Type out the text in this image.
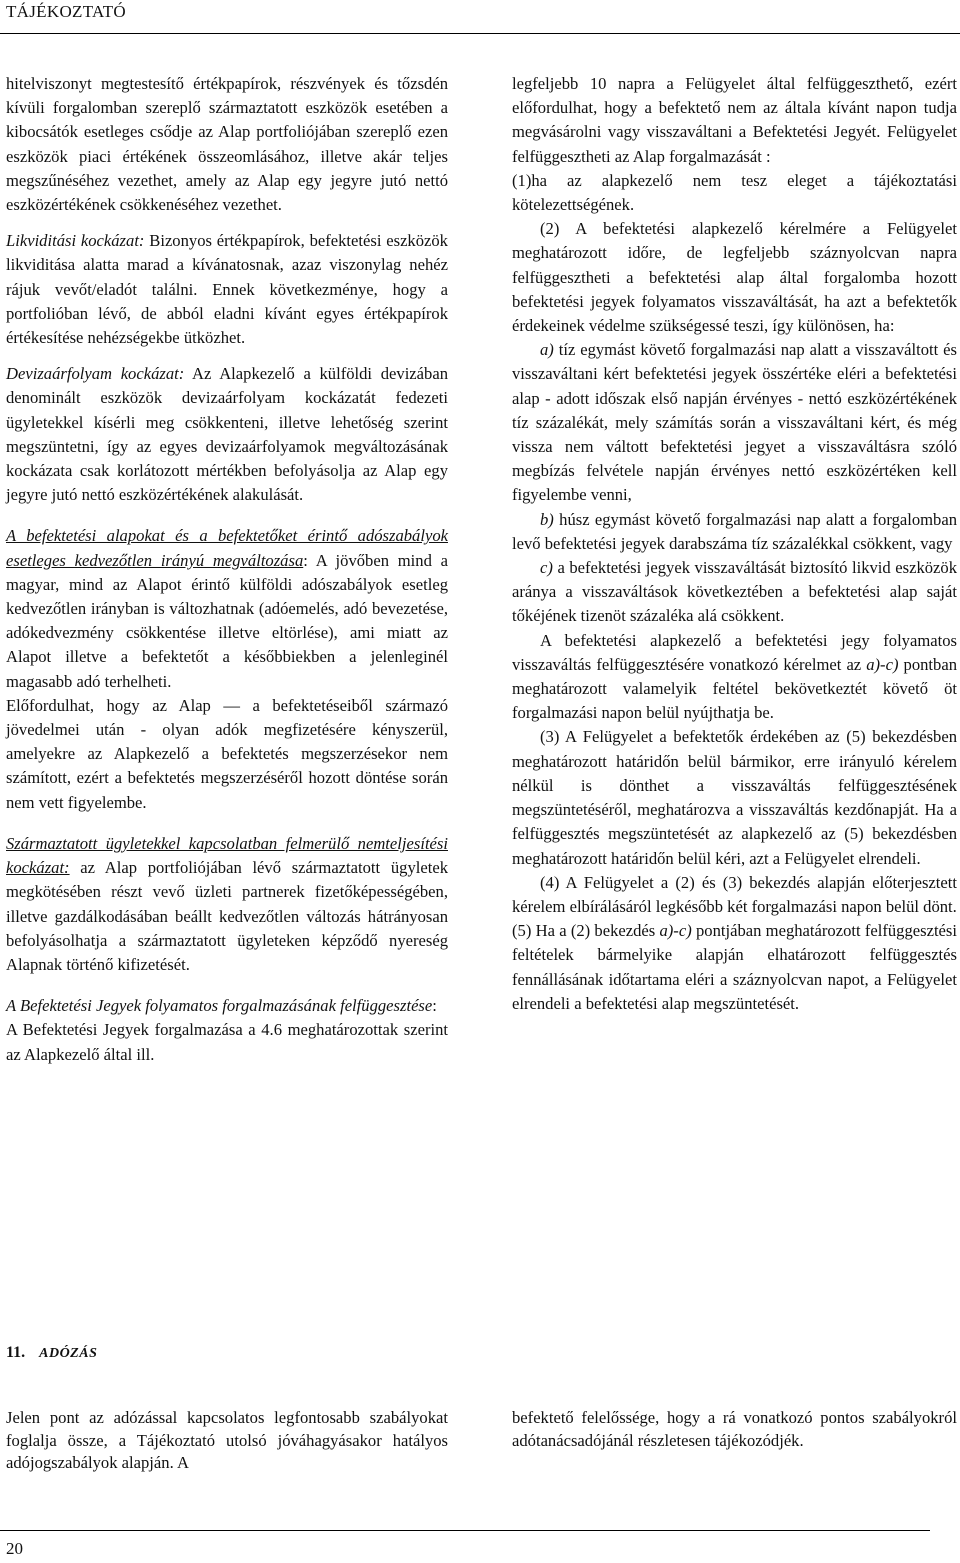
TÁJÉKOZTATÓ

hitelviszonyt megtestesítő értékpapírok, részvények és tőzsdén kívüli forgalomban szereplő származtatott eszközök esetében a kibocsátók esetleges csődje az Alap portfoliójában szereplő ezen eszközök piaci értékének összeomlásához, illetve akár teljes megszűnéséhez vezethet, amely az Alap egy jegyre jutó nettó eszközértékének csökkenéséhez vezethet.

Likviditási kockázat: Bizonyos értékpapírok, befektetési eszközök likviditása alatta marad a kívánatosnak, azaz viszonylag nehéz rájuk vevőt/eladót találni. Ennek következménye, hogy a portfolióban lévő, de abból eladni kívánt egyes értékpapírok értékesítése nehézségekbe ütközhet.

Devizaárfolyam kockázat: Az Alapkezelő a külföldi devizában denominált eszközök devizaárfolyam kockázatát fedezeti ügyletekkel kísérli meg csökkenteni, illetve lehetőség szerint megszüntetni, így az egyes devizaárfolyamok megváltozásának kockázata csak korlátozott mértékben befolyásolja az Alap egy jegyre jutó nettó eszközértékének alakulását.

A befektetési alapokat és a befektetőket érintő adószabályok esetleges kedvezőtlen irányú megváltozása: A jövőben mind a magyar, mind az Alapot érintő külföldi adószabályok esetleg kedvezőtlen irányban is változhatnak (adóemelés, adó bevezetése, adókedvezmény csökkentése illetve eltörlése), ami miatt az Alapot illetve a befektetőt a későbbiekben a jelenleginél magasabb adó terhelheti.

Előfordulhat, hogy az Alap — a befektetéseiből származó jövedelmei után - olyan adók megfizetésére kényszerül, amelyekre az Alapkezelő a befektetés megszerzésekor nem számított, ezért a befektetés megszerzéséről hozott döntése során nem vett figyelembe.

Származtatott ügyletekkel kapcsolatban felmerülő nemteljesítési kockázat: az Alap portfoliójában lévő származtatott ügyletek megkötésében részt vevő üzleti partnerek fizetőképességében, illetve gazdálkodásában beállt kedvezőtlen változás hátrányosan befolyásolhatja a származtatott ügyleteken képződő nyereség Alapnak történő kifizetését.

A Befektetési Jegyek folyamatos forgalmazásának felfüggesztése:

A Befektetési Jegyek forgalmazása a 4.6 meghatározottak szerint az Alapkezelő által ill.

legfeljebb 10 napra a Felügyelet által felfüggeszthető, ezért előfordulhat, hogy a befektető nem az általa kívánt napon tudja megvásárolni vagy visszaváltani a Befektetési Jegyét. Felügyelet felfüggesztheti az Alap forgalmazását :

(1)ha az alapkezelő nem tesz eleget a tájékoztatási kötelezettségének.

(2) A befektetési alapkezelő kérelmére a Felügyelet meghatározott időre, de legfeljebb száznyolcvan napra felfüggesztheti a befektetési alap által forgalomba hozott befektetési jegyek folyamatos visszaváltását, ha azt a befektetők érdekeinek védelme szükségessé teszi, így különösen, ha:

a) tíz egymást követő forgalmazási nap alatt a visszaváltott és visszaváltani kért befektetési jegyek összértéke eléri a befektetési alap - adott időszak első napján érvényes - nettó eszközértékének tíz százalékát, mely számítás során a visszaváltani kért, és még vissza nem váltott befektetési jegyet a visszaváltásra szóló megbízás felvétele napján érvényes nettó eszközértéken kell figyelembe venni,

b) húsz egymást követő forgalmazási nap alatt a forgalomban levő befektetési jegyek darabszáma tíz százalékkal csökkent, vagy

c) a befektetési jegyek visszaváltását biztosító likvid eszközök aránya a visszaváltások következtében a befektetési alap saját tőkéjének tizenöt százaléka alá csökkent.

A befektetési alapkezelő a befektetési jegy folyamatos visszaváltás felfüggesztésére vonatkozó kérelmet az a)-c) pontban meghatározott valamelyik feltétel bekövetkeztét követő öt forgalmazási napon belül nyújthatja be.

(3) A Felügyelet a befektetők érdekében az (5) bekezdésben meghatározott határidőn belül bármikor, erre irányuló kérelem nélkül is dönthet a visszaváltás felfüggesztésének megszüntetéséről, meghatározva a visszaváltás kezdőnapját. Ha a felfüggesztés megszüntetését az alapkezelő az (5) bekezdésben meghatározott határidőn belül kéri, azt a Felügyelet elrendeli.

(4) A Felügyelet a (2) és (3) bekezdés alapján előterjesztett kérelem elbírálásáról legkésőbb két forgalmazási napon belül dönt.

(5) Ha a (2) bekezdés a)-c) pontjában meghatározott felfüggesztési feltételek bármelyike alapján elhatározott felfüggesztés fennállásának időtartama eléri a száznyolcvan napot, a Felügyelet elrendeli a befektetési alap megszüntetését.

11. ADÓZÁS
Jelen pont az adózással kapcsolatos legfontosabb szabályokat foglalja össze, a Tájékoztató utolsó jóváhagyásakor hatályos adójogszabályok alapján. A
befektető felelőssége, hogy a rá vonatkozó pontos szabályokról adótanácsadójánál részletesen tájékozódjék.
20
